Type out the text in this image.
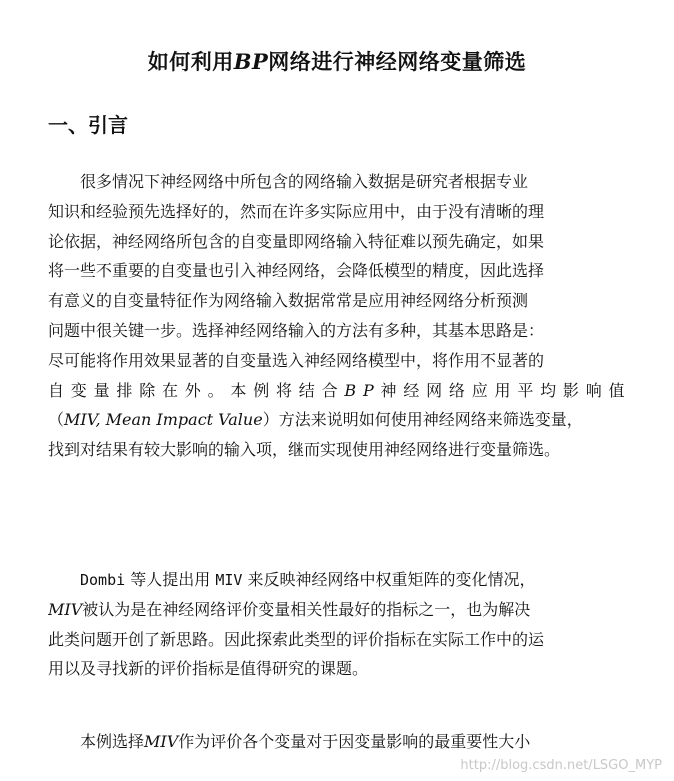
如何利用BP网络进行神经网络变量筛选
一、引言
很多情况下神经网络中所包含的网络输入数据是研究者根据专业
知识和经验预先选择好的，然而在许多实际应用中，由于没有清晰的理
论依据，神经网络所包含的自变量即网络输入特征难以预先确定，如果
将一些不重要的自变量也引入神经网络，会降低模型的精度，因此选择
有意义的自变量特征作为网络输入数据常常是应用神经网络分析预测
问题中很关键一步。选择神经网络输入的方法有多种，其基本思路是：
尽可能将作用效果显著的自变量选入神经网络模型中，将作用不显著的
自变量排除在外。本例将结合BP神经网络应用平均影响值
（MIV, Mean Impact Value）方法来说明如何使用神经网络来筛选变量，
找到对结果有较大影响的输入项，继而实现使用神经网络进行变量筛选。
Dombi 等人提出用 MIV 来反映神经网络中权重矩阵的变化情况，
MIV被认为是在神经网络评价变量相关性最好的指标之一，也为解决
此类问题开创了新思路。因此探索此类型的评价指标在实际工作中的运
用以及寻找新的评价指标是值得研究的课题。
本例选择MIV作为评价各个变量对于因变量影响的最重要性大小
http://blog.csdn.net/LSGO_MYP
